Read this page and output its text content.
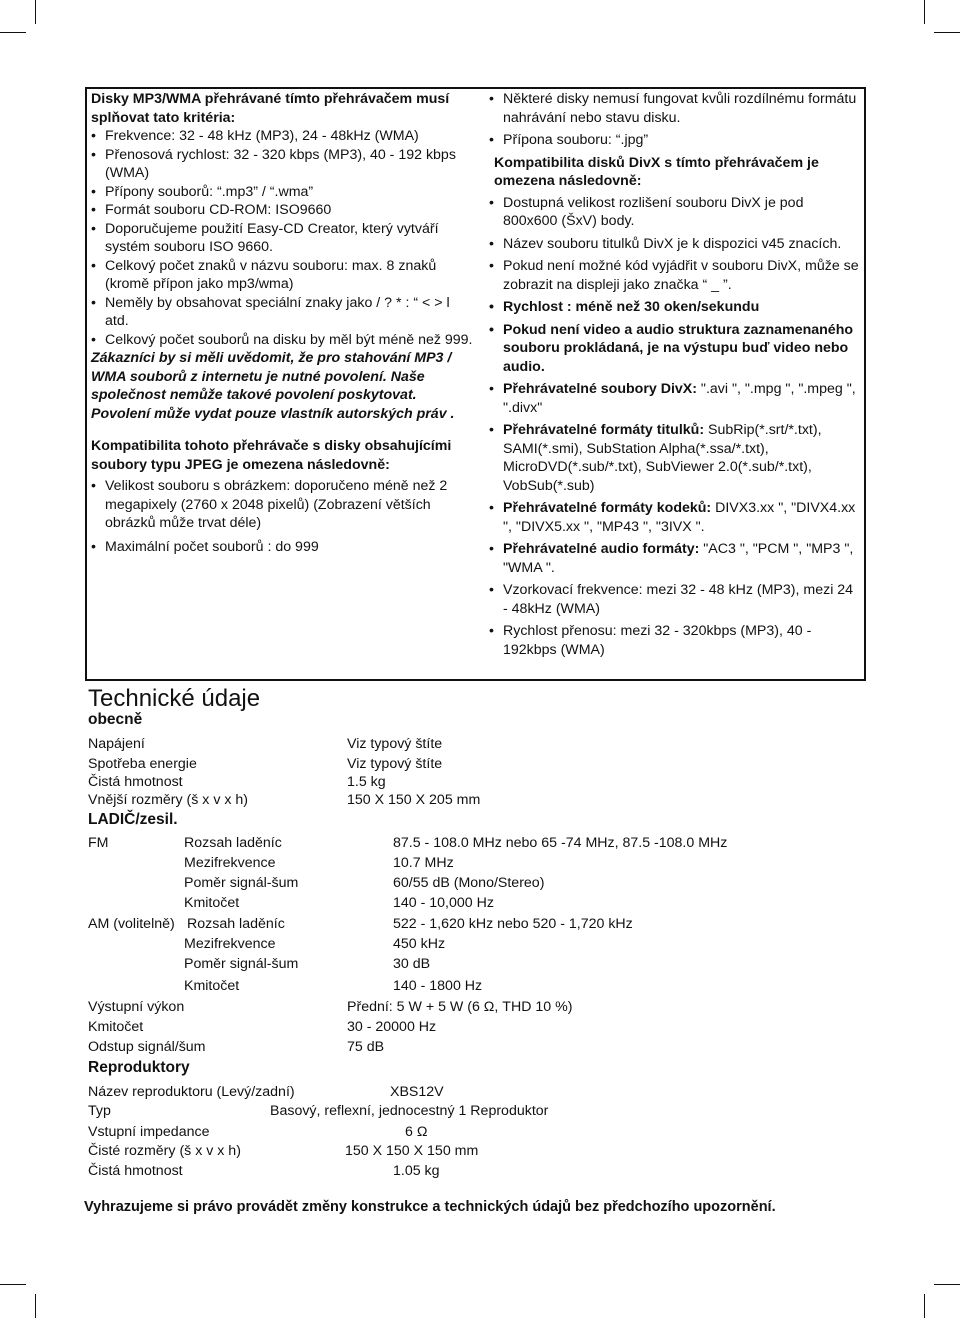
Disky MP3/WMA přehrávané tímto přehrávačem musí splňovat tato kritéria:

• Frekvence: 32 - 48 kHz (MP3), 24 - 48kHz (WMA)
• Přenosová rychlost: 32 - 320 kbps (MP3), 40 - 192 kbps (WMA)
• Přípony souborů: “.mp3” / “.wma”
• Formát souboru CD-ROM: ISO9660
• Doporučujeme použití Easy-CD Creator, který vytváří systém souboru ISO 9660.
• Celkový počet znaků v názvu souboru: max. 8 znaků (kromě přípon jako mp3/wma)
• Neměly by obsahovat speciální znaky jako / ? * : “ < > l atd.
• Celkový počet souborů na disku by měl být méně než 999.

Zákazníci by si měli uvědomit, že pro stahování MP3 / WMA souborů z internetu je nutné povolení. Naše společnost nemůže takové povolení poskytovat. Povolení může vydat pouze vlastník autorských práv .

Kompatibilita tohoto přehrávače s disky obsahujícími soubory typu JPEG je omezena následovně:

• Velikost souboru s obrázkem: doporučeno méně než 2 megapixely (2760 x 2048 pixelů) (Zobrazení větších obrázků může trvat déle)
• Maximální počet souborů : do 999
• Některé disky nemusí fungovat kvůli rozdílnému formátu nahrávání nebo stavu disku.
• Přípona souboru: “.jpg”

Kompatibilita disků DivX s tímto přehrávačem je omezena následovně:

• Dostupná velikost rozlišení souboru DivX je pod 800x600 (ŠxV) body.
• Název souboru titulků DivX je k dispozici v45 znacích.
• Pokud není možné kód vyjádřit v souboru DivX, může se zobrazit na displeji jako značka “ _ ”.
• Rychlost : méně než 30 oken/sekundu
• Pokud není video a audio struktura zaznamenaného souboru prokládaná, je na výstupu buď video nebo audio.
• Přehrávatelné soubory DivX: ".avi ", ".mpg ", ".mpeg ", ".divx"
• Přehrávatelné formáty titulků: SubRip(*.srt/*.txt), SAMI(*.smi), SubStation Alpha(*.ssa/*.txt), MicroDVD(*.sub/*.txt), SubViewer 2.0(*.sub/*.txt), VobSub(*.sub)
• Přehrávatelné formáty kodeků: DIVX3.xx ", "DIVX4.xx ", "DIVX5.xx ", "MP43 ", "3IVX ".
• Přehrávatelné audio formáty: "AC3 ", "PCM ", "MP3 ", "WMA ".
• Vzorkovací frekvence: mezi 32 - 48 kHz (MP3), mezi 24 - 48kHz (WMA)
• Rychlost přenosu: mezi 32 - 320kbps (MP3), 40 - 192kbps (WMA)
Technické údaje

obecně

Napájení	Viz typový štíte
Spotřeba energie	Viz typový štíte
Čistá hmotnost	1.5 kg
Vnější rozměry (š x v x h)	150 X 150 X 205 mm

LADIČ/zesil.

FM	Rozsah laděníc	87.5 - 108.0 MHz nebo 65 -74 MHz, 87.5 -108.0 MHz
Mezifrekvence	10.7 MHz
Poměr signál-šum	60/55 dB (Mono/Stereo)
Kmitočet	140 - 10,000 Hz
AM (volitelně) Rozsah laděníc	522 - 1,620 kHz nebo 520 - 1,720 kHz
Mezifrekvence	450 kHz
Poměr signál-šum	30 dB
Kmitočet	140 - 1800 Hz
Výstupní výkon	Přední: 5 W + 5 W (6 Ω, THD 10 %)
Kmitočet	30 - 20000 Hz
Odstup signál/šum	75 dB

Reproduktory

Název reproduktoru (Levý/zadní)	XBS12V
Typ	Basový, reflexní, jednocestný 1 Reproduktor
Vstupní impedance	6 Ω
Čisté rozměry (š x v x h)	150 X 150 X 150 mm
Čistá hmotnost	1.05 kg
Vyhrazujeme si právo provádět změny konstrukce a technických údajů bez předchozího upozornění.
